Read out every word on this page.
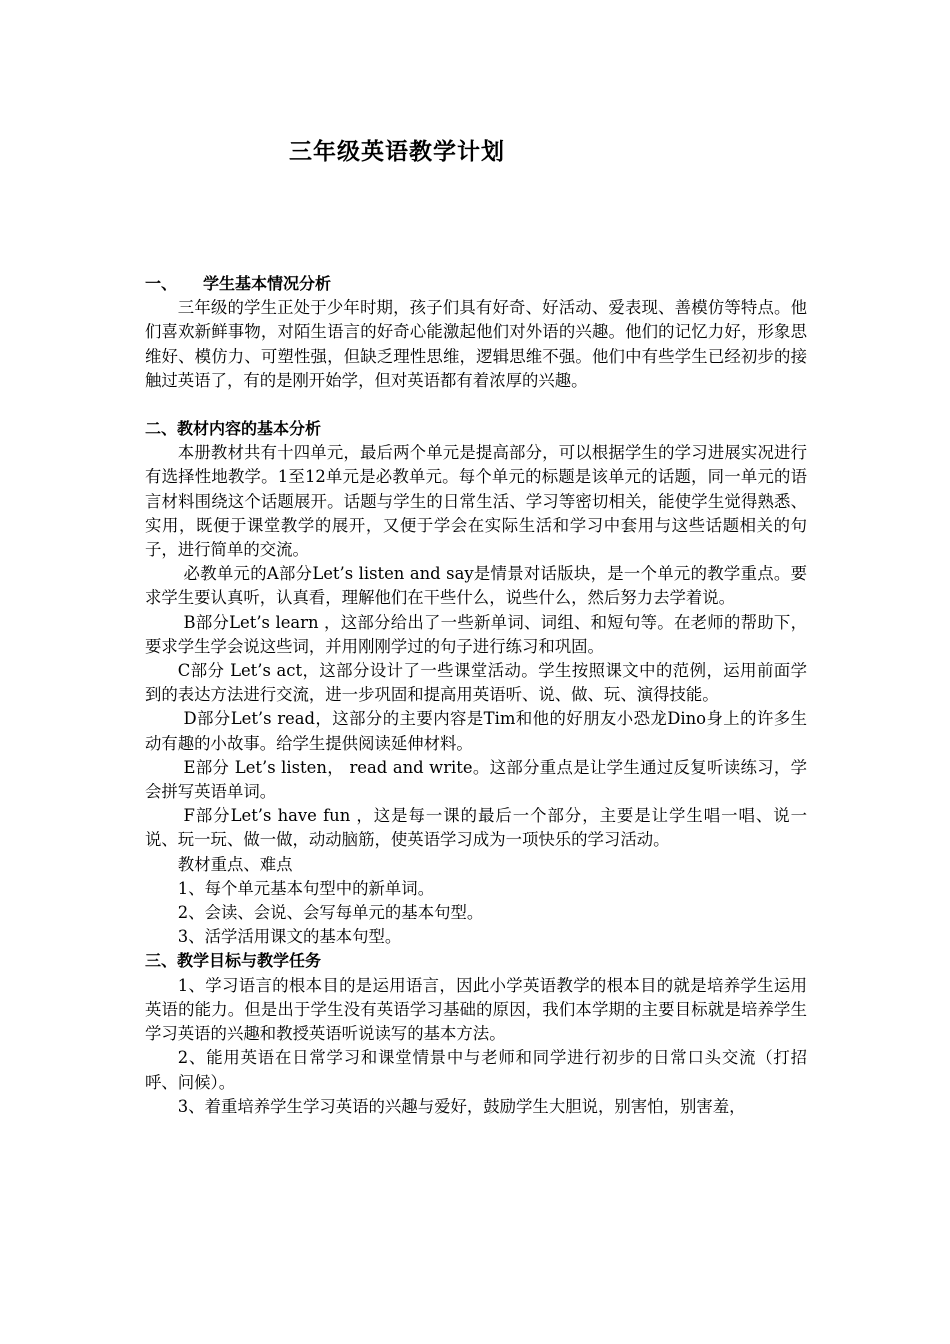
三年级英语教学计划
一、 学生基本情况分析

三年级的学生正处于少年时期，孩子们具有好奇、好活动、爱表现、善模仿等特点。他们喜欢新鲜事物，对陌生语言的好奇心能激起他们对外语的兴趣。他们的记忆力好，形象思维好、模仿力、可塑性强，但缺乏理性思维，逻辑思维不强。他们中有些学生已经初步的接触过英语了，有的是刚开始学，但对英语都有着浓厚的兴趣。

二、教材内容的基本分析

本册教材共有十四单元，最后两个单元是提高部分，可以根据学生的学习进展实况进行有选择性地教学。1至12单元是必教单元。每个单元的标题是该单元的话题，同一单元的语言材料围绕这个话题展开。话题与学生的日常生活、学习等密切相关，能使学生觉得熟悉、实用，既便于课堂教学的展开，又便于学会在实际生活和学习中套用与这些话题相关的句子，进行简单的交流。

必教单元的A部分Let’s listen and say是情景对话版块，是一个单元的教学重点。要求学生要认真听，认真看，理解他们在干些什么，说些什么，然后努力去学着说。

B部分Let’s learn ，这部分给出了一些新单词、词组、和短句等。在老师的帮助下，要求学生学会说这些词，并用刚刚学过的句子进行练习和巩固。

C部分 Let’s act，这部分设计了一些课堂活动。学生按照课文中的范例，运用前面学到的表达方法进行交流，进一步巩固和提高用英语听、说、做、玩、演得技能。

D部分Let’s read，这部分的主要内容是Tim和他的好朋友小恐龙Dino身上的许多生动有趣的小故事。给学生提供阅读延伸材料。

E部分 Let’s listen， read and write。这部分重点是让学生通过反复听读练习，学会拼写英语单词。

F部分Let’s have fun ，这是每一课的最后一个部分，主要是让学生唱一唱、说一说、玩一玩、做一做，动动脑筋，使英语学习成为一项快乐的学习活动。

教材重点、难点

1、每个单元基本句型中的新单词。

2、会读、会说、会写每单元的基本句型。

3、活学活用课文的基本句型。

三、教学目标与教学任务

1、学习语言的根本目的是运用语言，因此小学英语教学的根本目的就是培养学生运用英语的能力。但是出于学生没有英语学习基础的原因，我们本学期的主要目标就是培养学生学习英语的兴趣和教授英语听说读写的基本方法。

2、能用英语在日常学习和课堂情景中与老师和同学进行初步的日常口头交流（打招呼、问候）。

3、着重培养学生学习英语的兴趣与爱好，鼓励学生大胆说，别害怕，别害羞，
